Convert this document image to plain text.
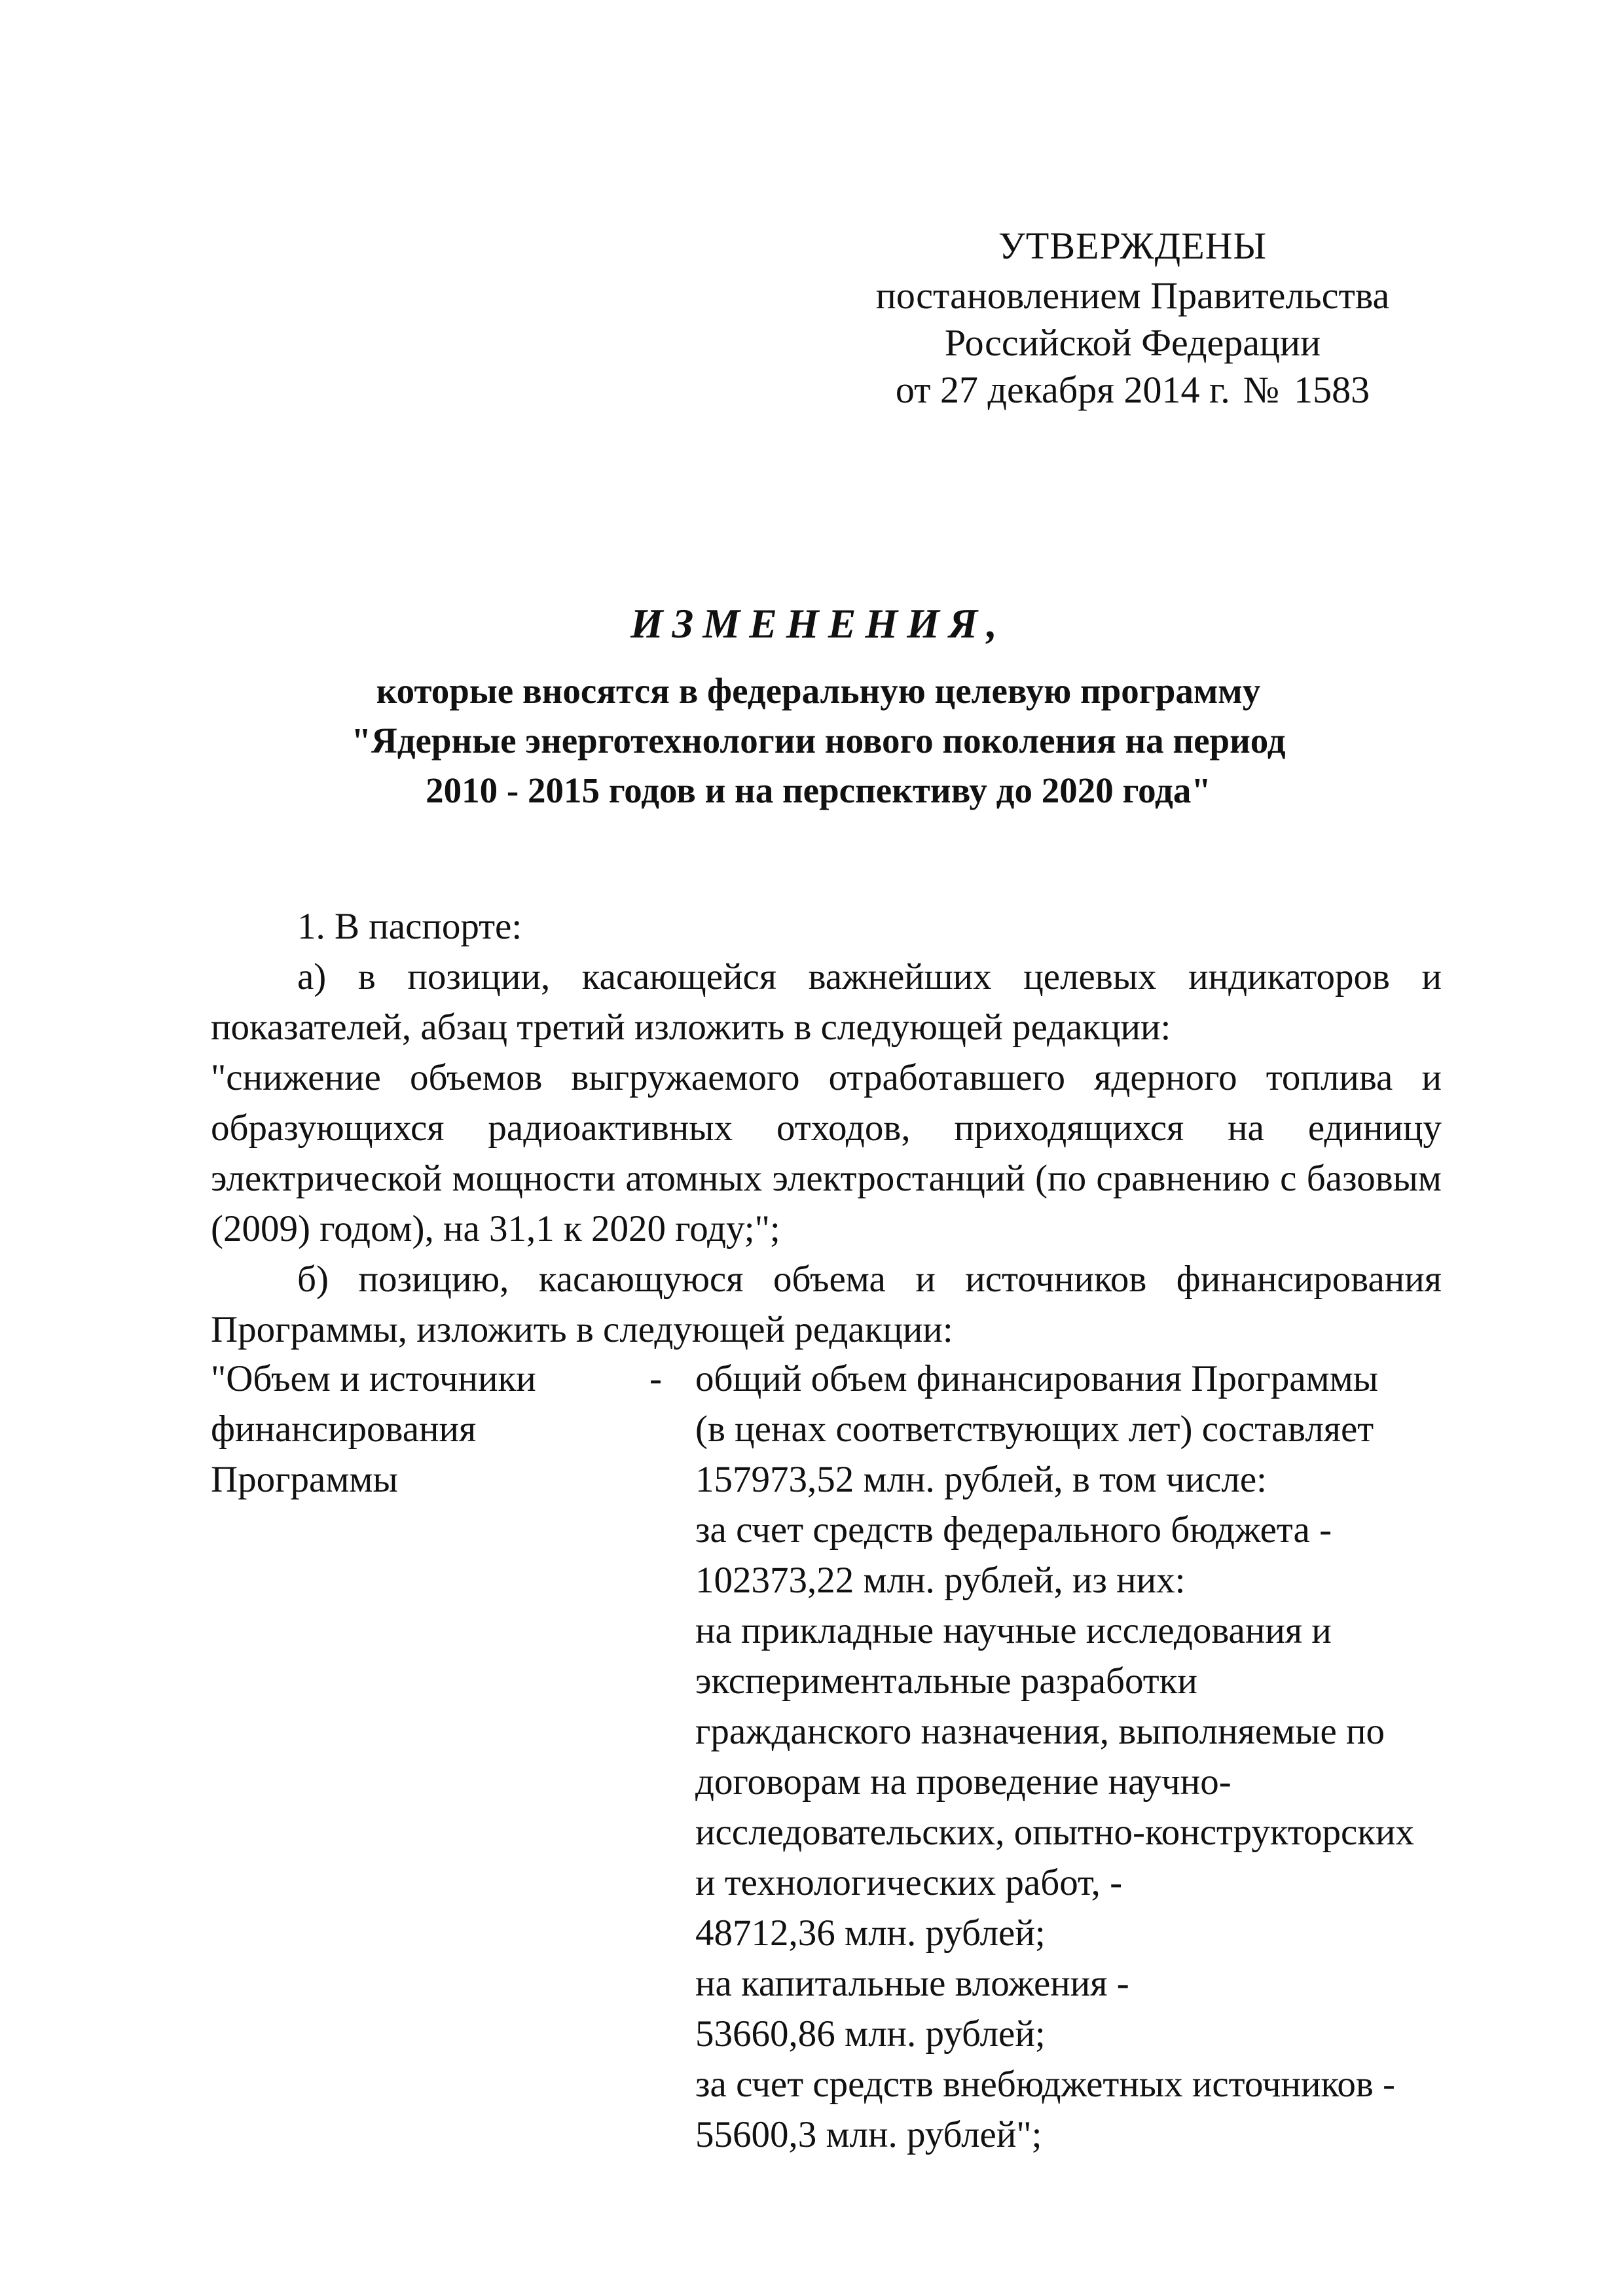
УТВЕРЖДЕНЫ
постановлением Правительства
Российской Федерации
от 27 декабря 2014 г. № 1583
ИЗМЕНЕНИЯ,
которые вносятся в федеральную целевую программу
"Ядерные энерготехнологии нового поколения на период
2010 - 2015 годов и на перспективу до 2020 года"

1. В паспорте:

а) в позиции, касающейся важнейших целевых индикаторов и показателей, абзац третий изложить в следующей редакции:

"снижение объемов выгружаемого отработавшего ядерного топлива и образующихся радиоактивных отходов, приходящихся на единицу электрической мощности атомных электростанций (по сравнению с базовым (2009) годом), на 31,1 к 2020 году;";

б) позицию, касающуюся объема и источников финансирования Программы, изложить в следующей редакции:

"Объем и источники
финансирования
Программы
- общий объем финансирования Программы
(в ценах соответствующих лет) составляет
157973,52 млн. рублей, в том числе:
за счет средств федерального бюджета -
102373,22 млн. рублей, из них:
на прикладные научные исследования и
экспериментальные разработки
гражданского назначения, выполняемые по
договорам на проведение научно-
исследовательских, опытно-конструкторских
и технологических работ, -
48712,36 млн. рублей;
на капитальные вложения -
53660,86 млн. рублей;
за счет средств внебюджетных источников -
55600,3 млн. рублей";
